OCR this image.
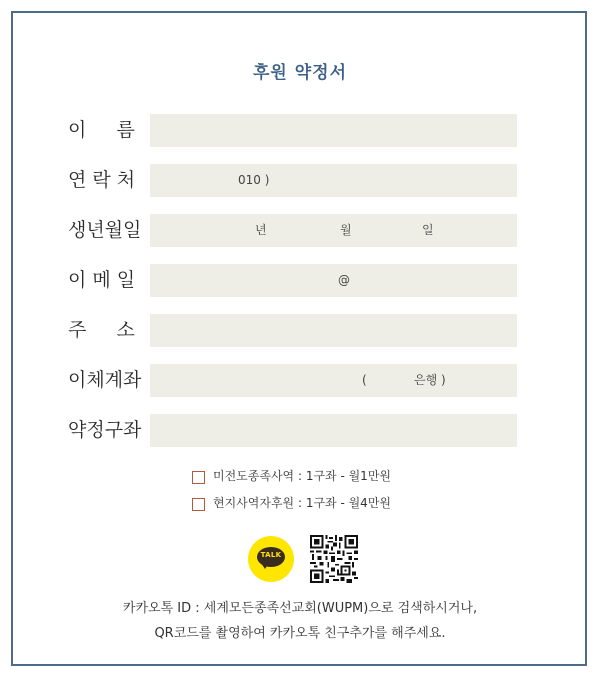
후원 약정서
이     름
연 락 처	010 )
생년월일	년	월	일
이 메 일	@
주     소
이체계좌	(	은행 )
약정구좌
미전도종족사역 : 1구좌 - 월1만원
현지사역자후원 : 1구좌 - 월4만원
TALK
카카오톡 ID : 세계모든종족선교회(WUPM)으로 검색하시거나,
QR코드를 촬영하여 카카오톡 친구추가를 해주세요.
